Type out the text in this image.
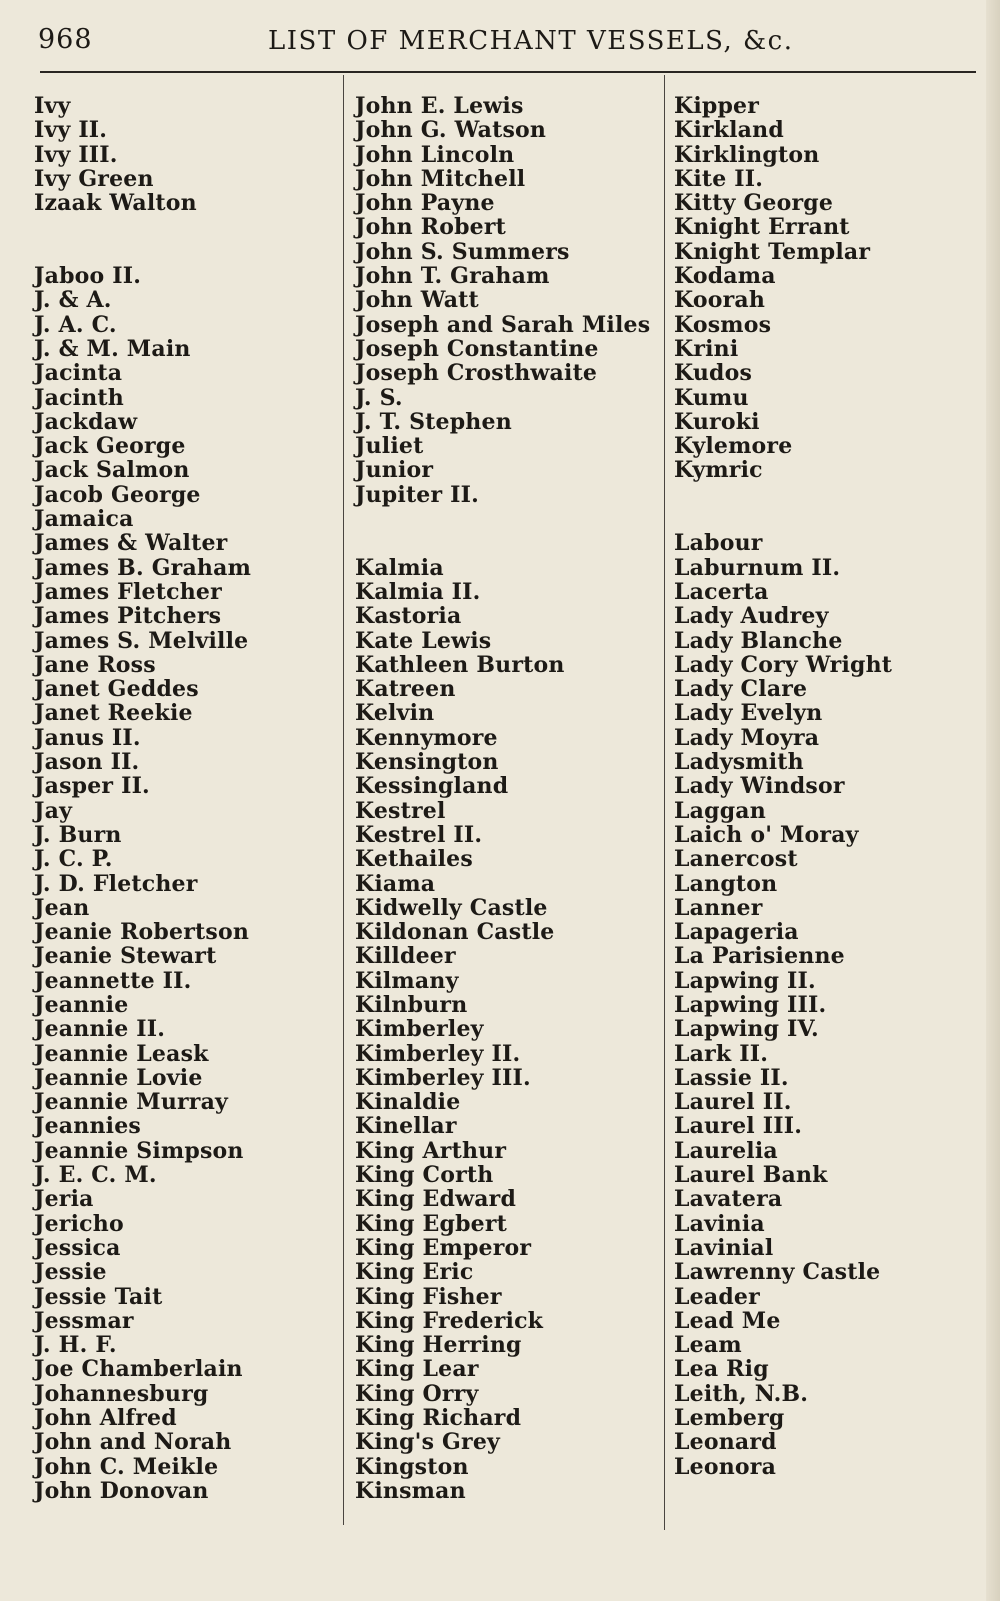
968	LIST OF MERCHANT VESSELS, &c.
Ivy
Ivy II.
Ivy III.
Ivy Green
Izaak Walton
Jaboo II.
J. & A.
J. A. C.
J. & M. Main
Jacinta
Jacinth
Jackdaw
Jack George
Jack Salmon
Jacob George
Jamaica
James & Walter
James B. Graham
James Fletcher
James Pitchers
James S. Melville
Jane Ross
Janet Geddes
Janet Reekie
Janus II.
Jason II.
Jasper II.
Jay
J. Burn
J. C. P.
J. D. Fletcher
Jean
Jeanie Robertson
Jeanie Stewart
Jeannette II.
Jeannie
Jeannie II.
Jeannie Leask
Jeannie Lovie
Jeannie Murray
Jeannies
Jeannie Simpson
J. E. C. M.
Jeria
Jericho
Jessica
Jessie
Jessie Tait
Jessmar
J. H. F.
Joe Chamberlain
Johannesburg
John Alfred
John and Norah
John C. Meikle
John Donovan
John E. Lewis
John G. Watson
John Lincoln
John Mitchell
John Payne
John Robert
John S. Summers
John T. Graham
John Watt
Joseph and Sarah Miles
Joseph Constantine
Joseph Crosthwaite
J. S.
J. T. Stephen
Juliet
Junior
Jupiter II.
Kalmia
Kalmia II.
Kastoria
Kate Lewis
Kathleen Burton
Katreen
Kelvin
Kennymore
Kensington
Kessingland
Kestrel
Kestrel II.
Kethailes
Kiama
Kidwelly Castle
Kildonan Castle
Killdeer
Kilmany
Kilnburn
Kimberley
Kimberley II.
Kimberley III.
Kinaldie
Kinellar
King Arthur
King Corth
King Edward
King Egbert
King Emperor
King Eric
King Fisher
King Frederick
King Herring
King Lear
King Orry
King Richard
King's Grey
Kingston
Kinsman
Kipper
Kirkland
Kirklington
Kite II.
Kitty George
Knight Errant
Knight Templar
Kodama
Koorah
Kosmos
Krini
Kudos
Kumu
Kuroki
Kylemore
Kymric
Labour
Laburnum II.
Lacerta
Lady Audrey
Lady Blanche
Lady Cory Wright
Lady Clare
Lady Evelyn
Lady Moyra
Ladysmith
Lady Windsor
Laggan
Laich o' Moray
Lanercost
Langton
Lanner
Lapageria
La Parisienne
Lapwing II.
Lapwing III.
Lapwing IV.
Lark II.
Lassie II.
Laurel II.
Laurel III.
Laurelia
Laurel Bank
Lavatera
Lavinia
Lavinial
Lawrenny Castle
Leader
Lead Me
Leam
Lea Rig
Leith, N.B.
Lemberg
Leonard
Leonora
